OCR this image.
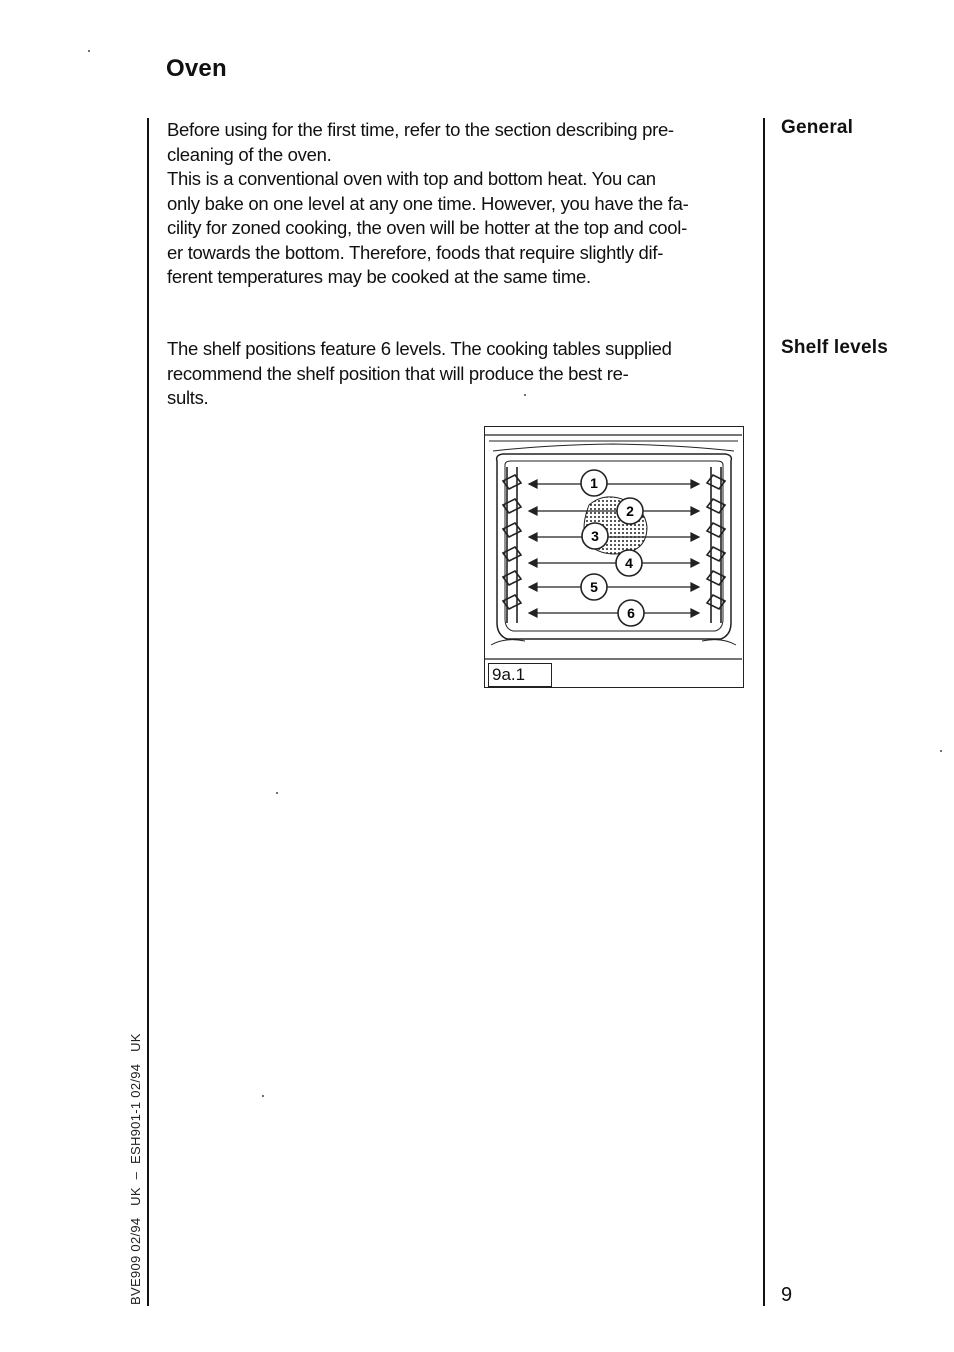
Oven

Before using for the first time, refer to the section describing pre-
cleaning of the oven.
This is a conventional oven with top and bottom heat. You can
only bake on one level at any one time. However, you have the fa-
cility for zoned cooking, the oven will be hotter at the top and cool-
er towards the bottom. Therefore, foods that require slightly dif-
ferent temperatures may be cooked at the same time.

General

The shelf positions feature 6 levels. The cooking tables supplied
recommend the shelf position that will produce the best re-
sults.

Shelf levels
1
2
3
4
5
6
9a.1
BVE909 02/94   UK  –  ESH901-1 02/94   UK	9
